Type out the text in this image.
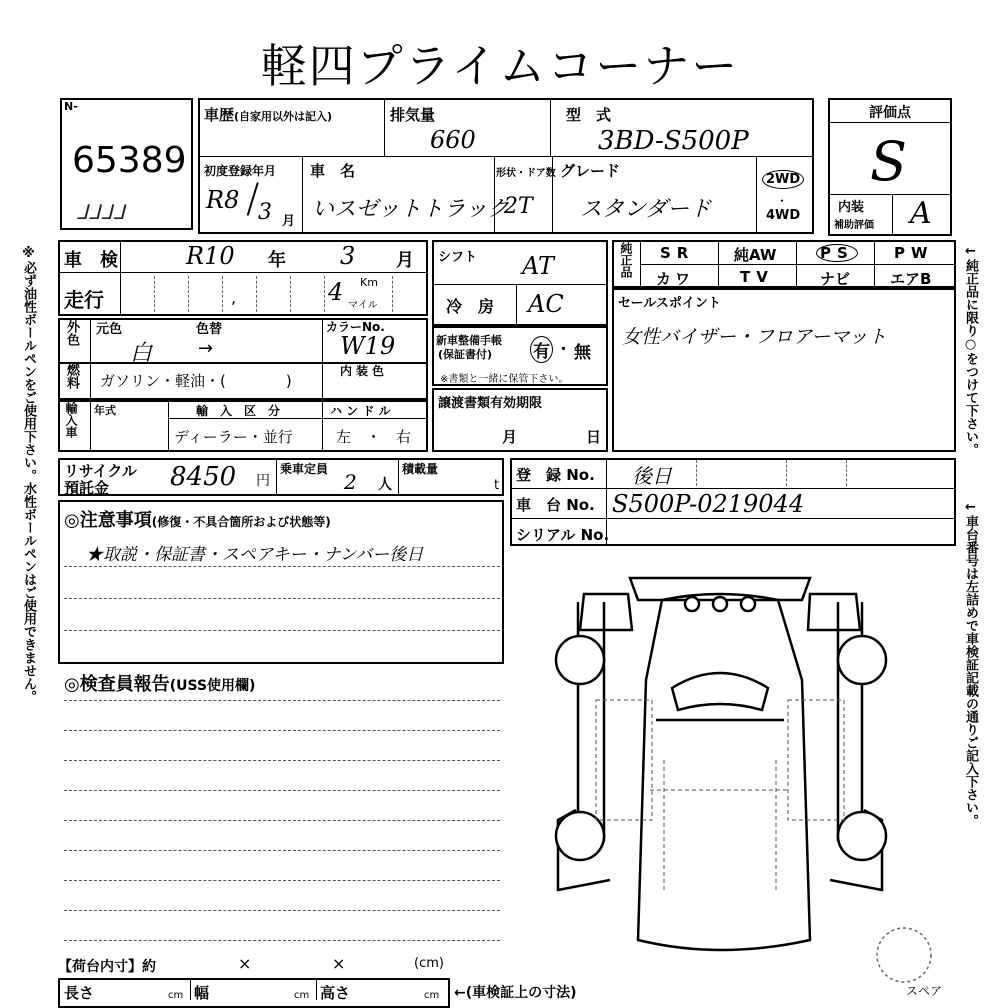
軽四プライムコーナー
N-
65389
ᒧᒧᒧᒧ
評価点
S
内装
補助評価 A
車歴(自家用以外は記入)	排気量
660
型　式
3BD-S500P
初度登録年月
R8 /
3 月
車　名
いスゼットトラック
形状・ドア数
2T
グレード
スタンダード
2WD
・
4WD
車　検	R10 年 3 月
走行	,	4 Km
マイル
シフト AT
冷　房 AC
純正品 SR	純AW	PS	PW
カワ	TV	ナビ	エアB
外色 元色	色替
白	→
カラーNo.
W19
燃料 ガソリン・軽油・(　　　　)
内装色
新車整備手帳
(保証書付) 有 ・ 無
※書類と一緒に保管下さい。
セールスポイント
女性バイザー・フロアーマット
輸入車 年式	輸　入　区　分
ディーラー・並行
ハ ン ド ル
左　・　右
譲渡書類有効期限
月	日
リサイクル
預託金 8450 円
乗車定員
2 人
積載量
t
登　録 No. 後日
車　台 No. S500P-0219044
シリアル No.
◎注意事項(修復・不具合箇所および状態等)
★取説・保証書・スペアキー・ナンバー後日
◎検査員報告(USS使用欄)
【荷台内寸】約	×	×	(cm)
長さ	cm 幅	cm 高さ	cm ←(車検証上の寸法)	スペア
※必ず油性ボールペンをご使用下さい。水性ボールペンはご使用できません。	←純正品に限り○をつけて下さい。
←車台番号は左詰めで車検証記載の通りご記入下さい。
